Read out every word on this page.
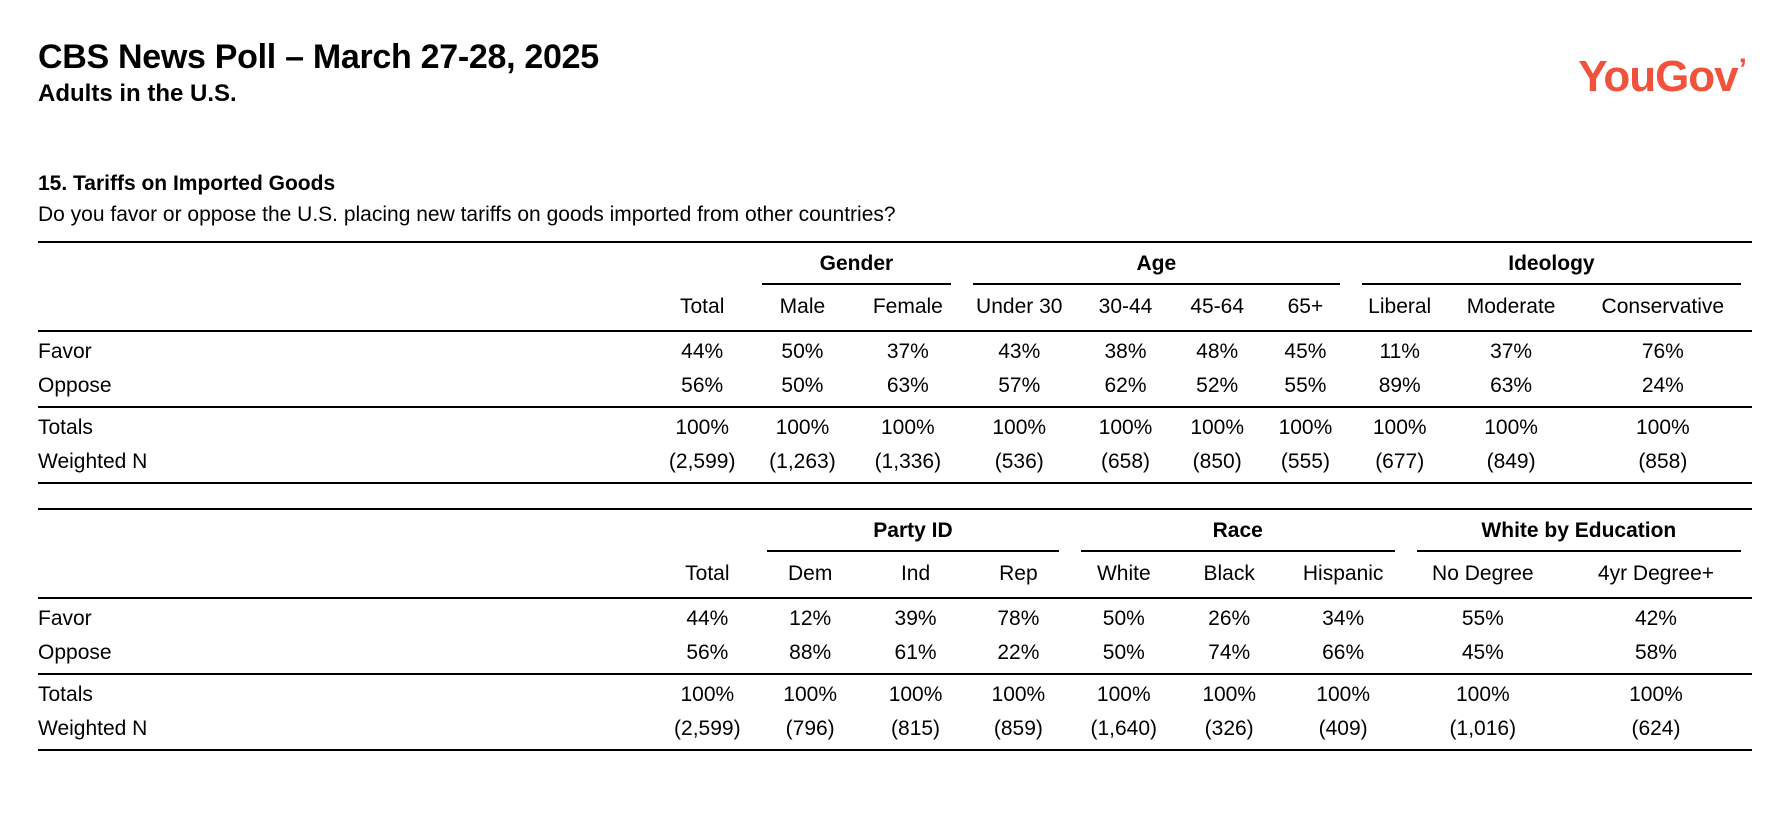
CBS News Poll – March 27-28, 2025
Adults in the U.S.	YouGov’
15. Tariffs on Imported Goods
Do you favor or oppose the U.S. placing new tariffs on goods imported from other countries?

		Gender		Age				Ideology		

	Total	Male	Female	Under 30	30-44	45-64	65+	Liberal	Moderate	Conservative
Favor	44%	50%	37%	43%	38%	48%	45%	11%	37%	76%
Oppose	56%	50%	63%	57%	62%	52%	55%	89%	63%	24%
Totals	100%	100%	100%	100%	100%	100%	100%	100%	100%	100%
Weighted N	(2,599)	(1,263)	(1,336)	(536)	(658)	(850)	(555)	(677)	(849)	(858)

		Party ID			Race			White by Education	

	Total	Dem	Ind	Rep	White	Black	Hispanic	No Degree	4yr Degree+
Favor	44%	12%	39%	78%	50%	26%	34%	55%	42%
Oppose	56%	88%	61%	22%	50%	74%	66%	45%	58%
Totals	100%	100%	100%	100%	100%	100%	100%	100%	100%
Weighted N	(2,599)	(796)	(815)	(859)	(1,640)	(326)	(409)	(1,016)	(624)
